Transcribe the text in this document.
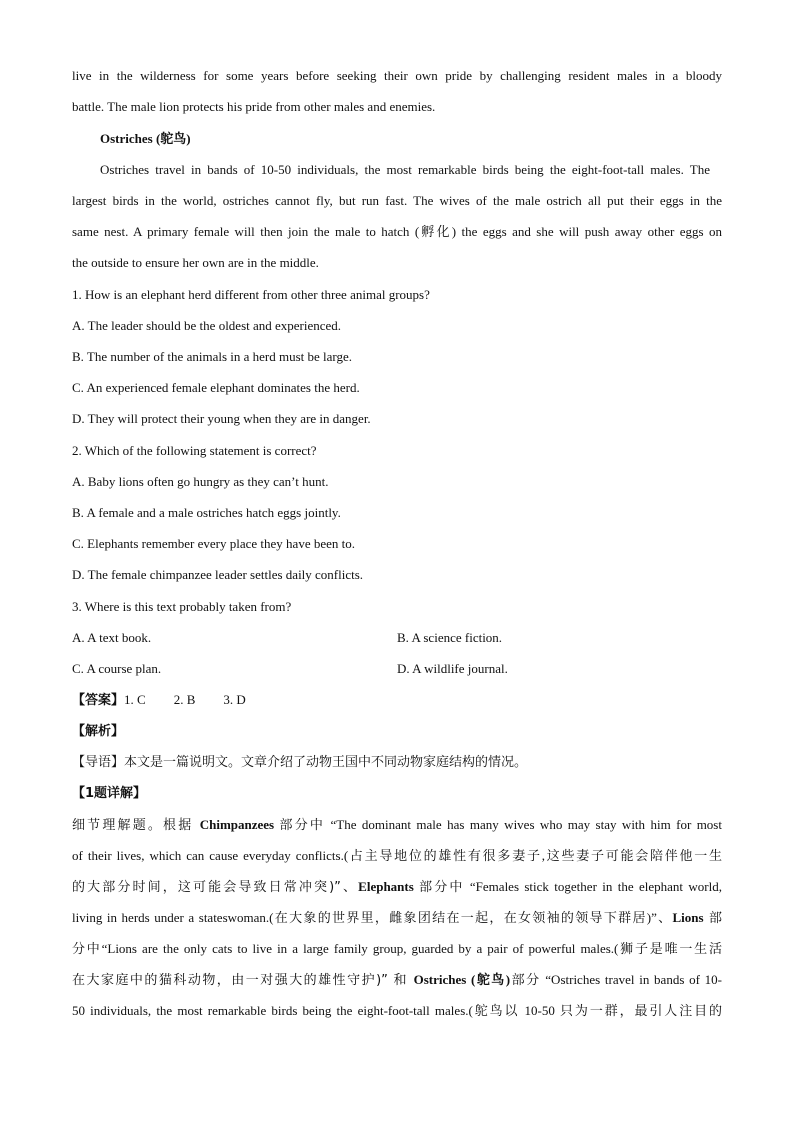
live in the wilderness for some years before seeking their own pride by challenging resident males in a bloody
battle. The male lion protects his pride from other males and enemies.
Ostriches (鸵鸟)
Ostriches travel in bands of 10-50 individuals, the most remarkable birds being the eight-foot-tall males. The
largest birds in the world, ostriches cannot fly, but run fast. The wives of the male ostrich all put their eggs in the
same nest. A primary female will then join the male to hatch (孵化) the eggs and she will push away other eggs on
the outside to ensure her own are in the middle.
1. How is an elephant herd different from other three animal groups?
A. The leader should be the oldest and experienced.
B. The number of the animals in a herd must be large.
C. An experienced female elephant dominates the herd.
D. They will protect their young when they are in danger.
2. Which of the following statement is correct?
A. Baby lions often go hungry as they can’t hunt.
B. A female and a male ostriches hatch eggs jointly.
C. Elephants remember every place they have been to.
D. The female chimpanzee leader settles daily conflicts.
3. Where is this text probably taken from?
A. A text book.	B. A science fiction.
C. A course plan.	D. A wildlife journal.
【答案】1. C 2. B 3. D
【解析】
【导语】本文是一篇说明文。文章介绍了动物王国中不同动物家庭结构的情况。
【1题详解】
细节理解题。根据 Chimpanzees 部分中 “The dominant male has many wives who may stay with him for most
of their lives, which can cause everyday conflicts.(占主导地位的雄性有很多妻子,这些妻子可能会陪伴他一生
的大部分时间，这可能会导致日常冲突)”、Elephants 部分中 “Females stick together in the elephant world,
living in herds under a stateswoman.(在大象的世界里，雌象团结在一起，在女领袖的领导下群居)”、Lions 部
分中“Lions are the only cats to live in a large family group, guarded by a pair of powerful males.(狮子是唯一生活
在大家庭中的猫科动物，由一对强大的雄性守护)” 和 Ostriches (鸵鸟)部分 “Ostriches travel in bands of 10-
50 individuals, the most remarkable birds being the eight-foot-tall males.(鸵鸟以 10-50 只为一群，最引人注目的
